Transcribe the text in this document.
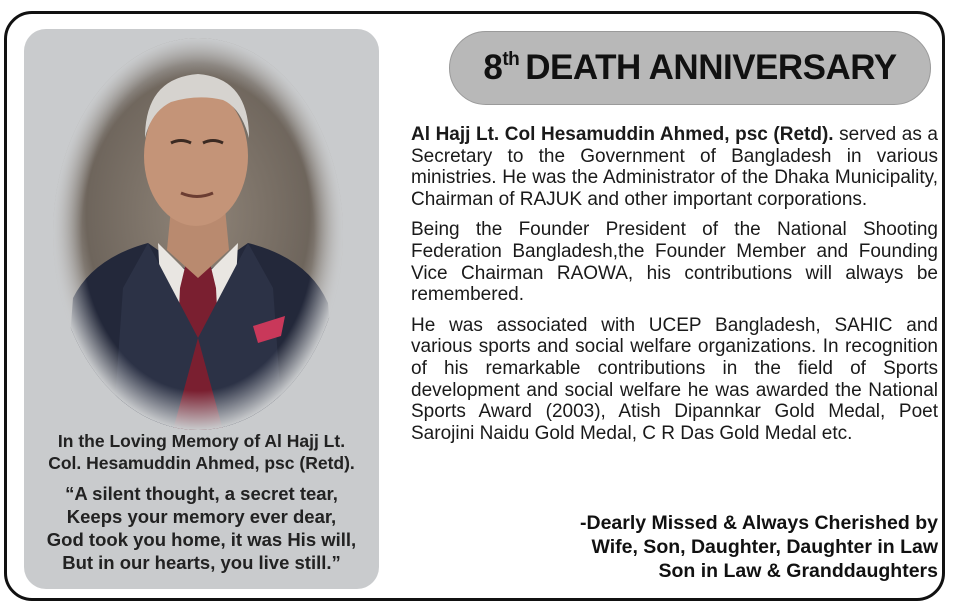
In the Loving Memory of Al Hajj Lt.
Col. Hesamuddin Ahmed, psc (Retd).
“A silent thought, a secret tear,
Keeps your memory ever dear,
God took you home, it was His will,
But in our hearts, you live still.”
8th DEATH ANNIVERSARY

Al Hajj Lt. Col Hesamuddin Ahmed, psc (Retd). served as a Secretary to the Government of Bangladesh in various ministries. He was the Administrator of the Dhaka Municipality, Chairman of RAJUK and other important corporations.

Being the Founder President of the National Shooting Federation Bangladesh,the Founder Member and Founding Vice Chairman RAOWA, his contributions will always be remembered.

He was associated with UCEP Bangladesh, SAHIC and various sports and social welfare organizations. In recognition of his remarkable contributions in the field of Sports development and social welfare he was awarded the National Sports Award (2003), Atish Dipannkar Gold Medal, Poet Sarojini Naidu Gold Medal, C R Das Gold Medal etc.

-Dearly Missed & Always Cherished by
Wife, Son, Daughter, Daughter in Law
Son in Law & Granddaughters
